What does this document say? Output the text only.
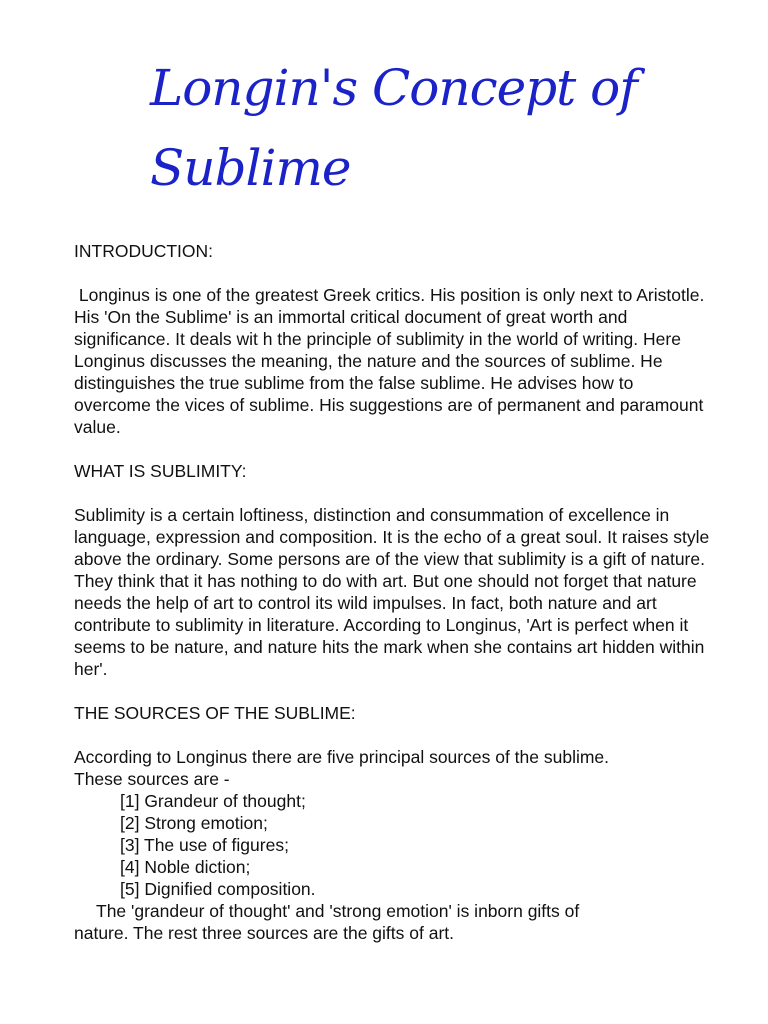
Longin's Concept of
Sublime

INTRODUCTION:

Longinus is one of the greatest Greek critics. His position is only next to Aristotle. His 'On the Sublime' is an immortal critical document of great worth and significance. It deals wit h the principle of sublimity in the world of writing. Here Longinus discusses the meaning, the nature and the sources of sublime. He distinguishes the true sublime from the false sublime. He advises how to overcome the vices of sublime. His suggestions are of permanent and paramount value.

WHAT IS SUBLIMITY:

Sublimity is a certain loftiness, distinction and consummation of excellence in language, expression and composition. It is the echo of a great soul. It raises style above the ordinary. Some persons are of the view that sublimity is a gift of nature. They think that it has nothing to do with art. But one should not forget that nature needs the help of art to control its wild impulses. In fact, both nature and art contribute to sublimity in literature. According to Longinus, 'Art is perfect when it seems to be nature, and nature hits the mark when she contains art hidden within her'.

THE SOURCES OF THE SUBLIME:

According to Longinus there are five principal sources of the sublime.

These sources are -

[1] Grandeur of thought;
[2] Strong emotion;
[3] The use of figures;
[4] Noble diction;
[5] Dignified composition.

The 'grandeur of thought' and 'strong emotion' is inborn gifts of

nature. The rest three sources are the gifts of art.
